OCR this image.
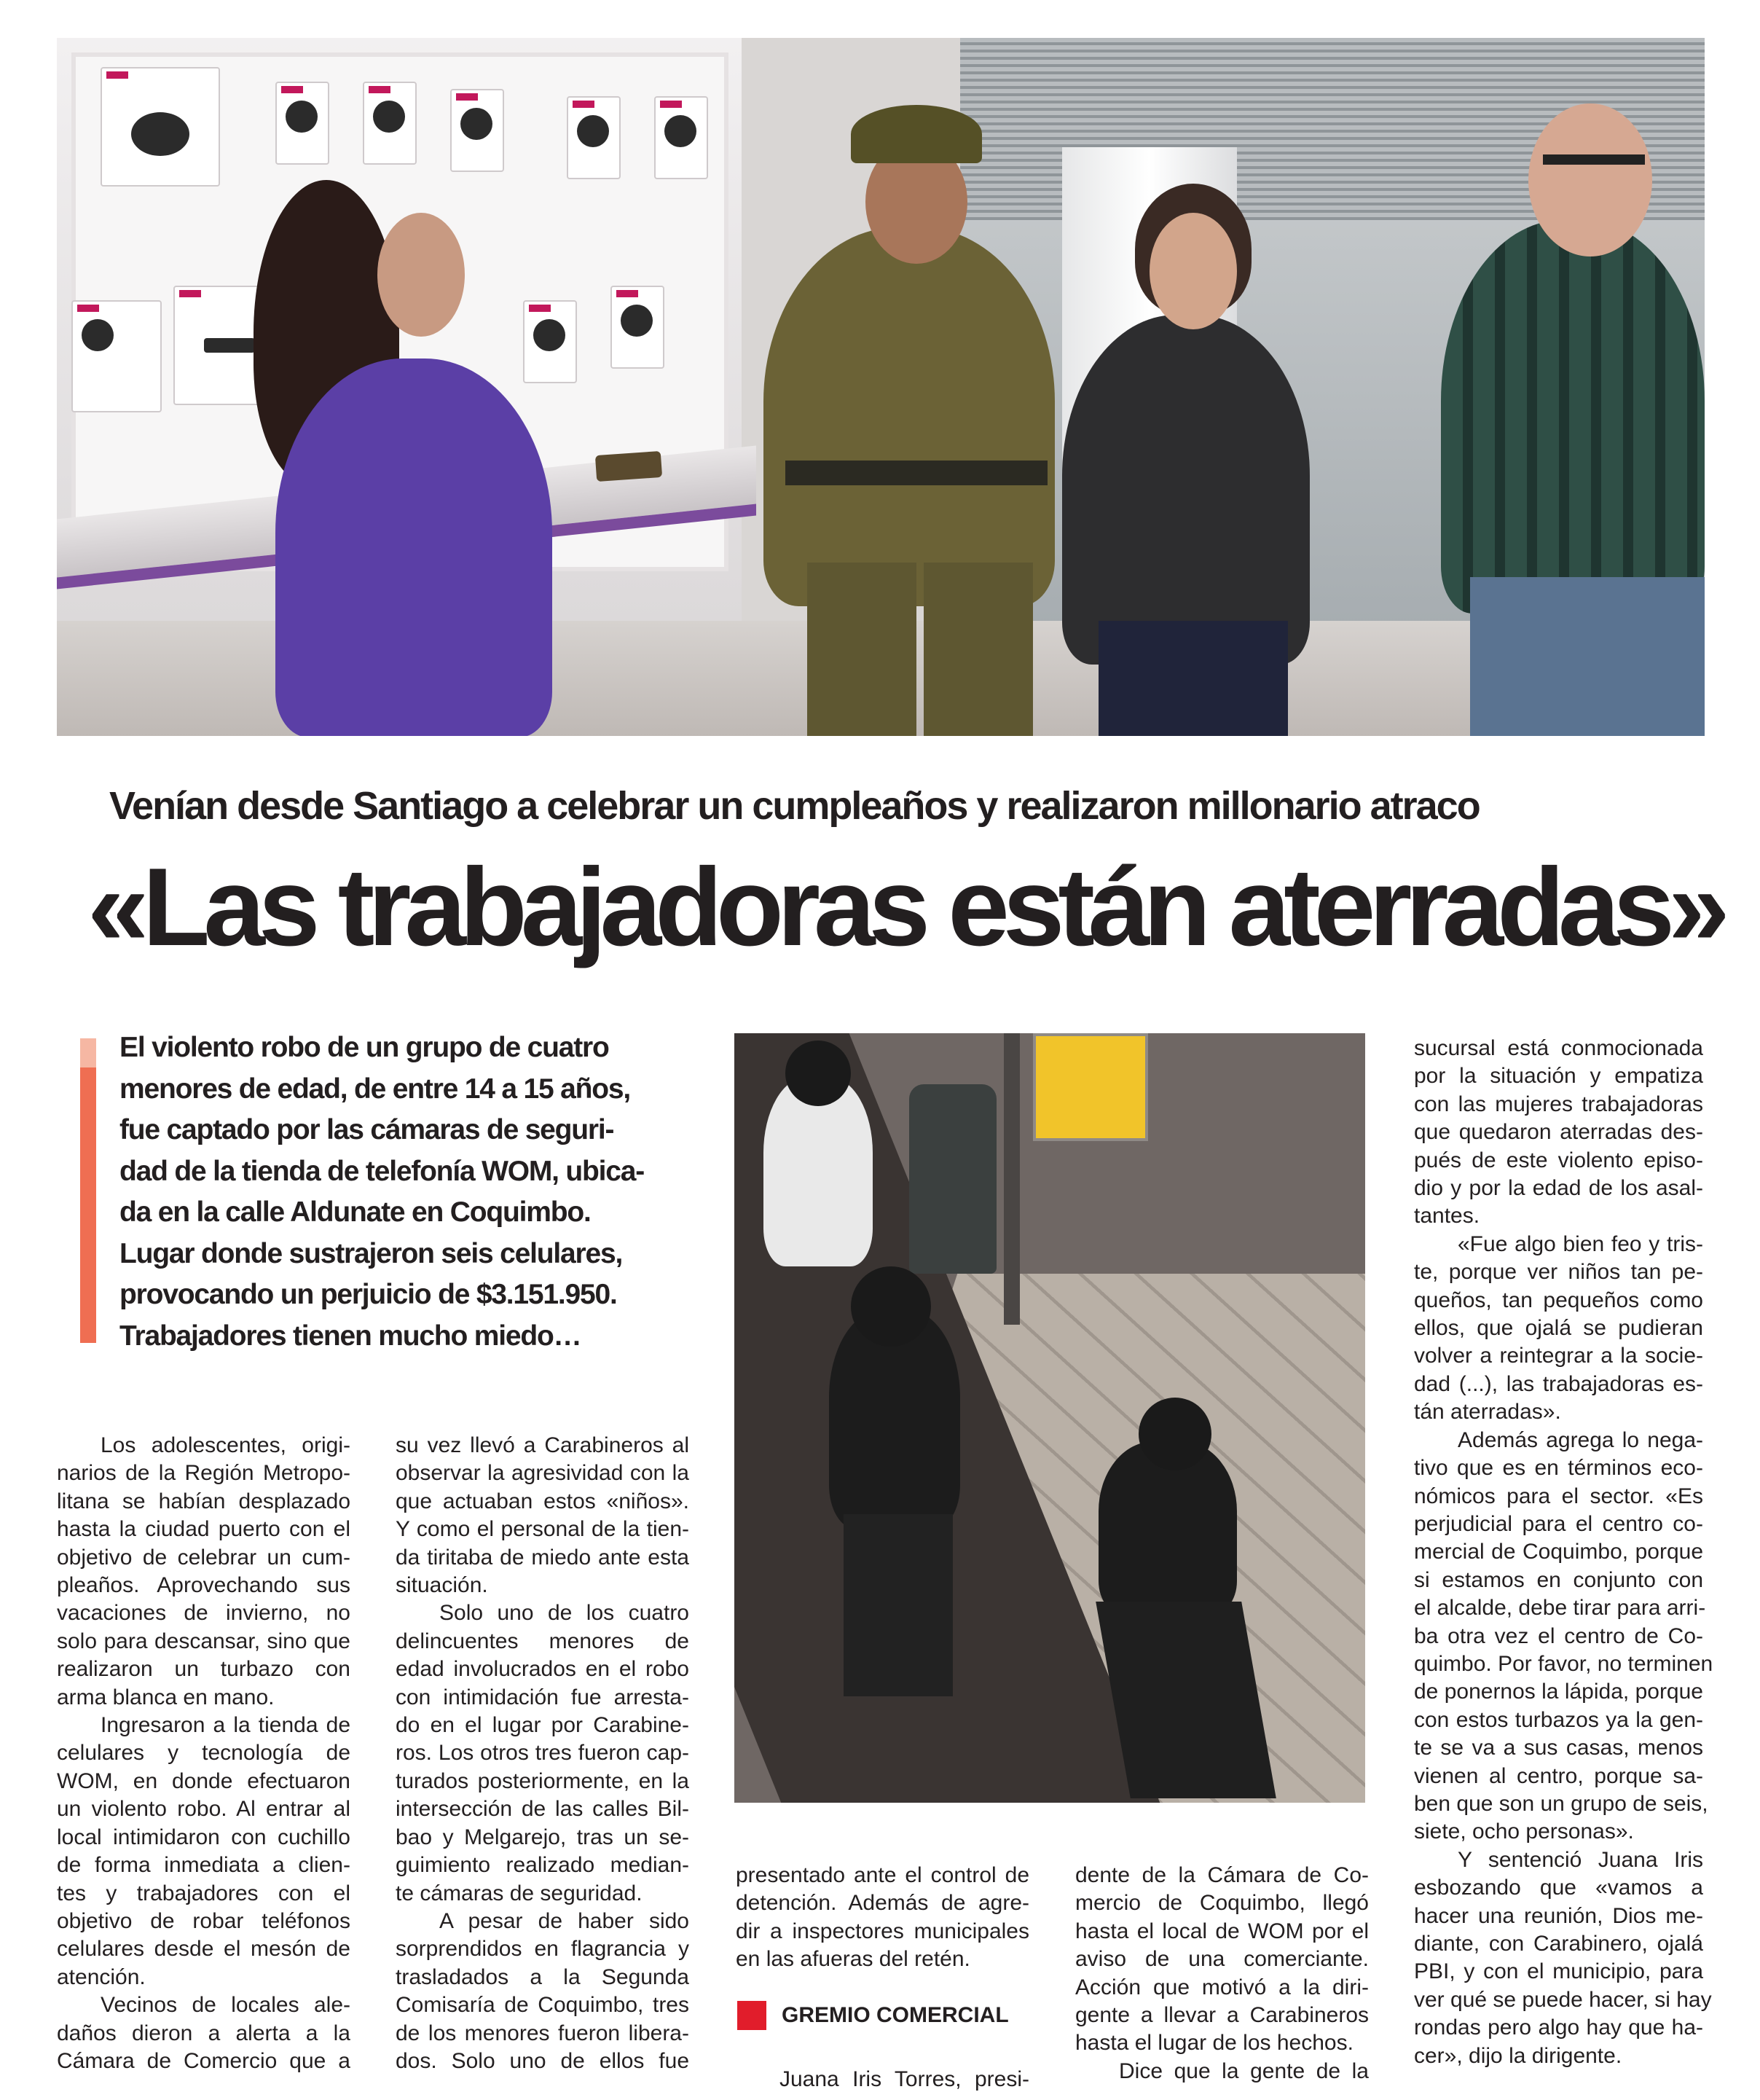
Venían desde Santiago a celebrar un cumpleaños y realizaron millonario atraco
«Las trabajadoras están aterradas»

El violento robo de un grupo de cuatro
menores de edad, de entre 14 a 15 años,
fue captado por las cámaras de seguri-
dad de la tienda de telefonía WOM, ubica-
da en la calle Aldunate en Coquimbo.
Lugar donde sustrajeron seis celulares,
provocando un perjuicio de $3.151.950.
Trabajadores tienen mucho miedo…

Los adolescentes, origi-
narios de la Región Metropo-
litana se habían desplazado
hasta la ciudad puerto con el
objetivo de celebrar un cum-
pleaños. Aprovechando sus
vacaciones de invierno, no
solo para descansar, sino que
realizaron un turbazo con
arma blanca en mano.
Ingresaron a la tienda de
celulares y tecnología de
WOM, en donde efectuaron
un violento robo. Al entrar al
local intimidaron con cuchillo
de forma inmediata a clien-
tes y trabajadores con el
objetivo de robar teléfonos
celulares desde el mesón de
atención.
Vecinos de locales ale-
daños dieron a alerta a la
Cámara de Comercio que a

su vez llevó a Carabineros al
observar la agresividad con la
que actuaban estos «niños».
Y como el personal de la tien-
da tiritaba de miedo ante esta
situación.
Solo uno de los cuatro
delincuentes menores de
edad involucrados en el robo
con intimidación fue arresta-
do en el lugar por Carabine-
ros. Los otros tres fueron cap-
turados posteriormente, en la
intersección de las calles Bil-
bao y Melgarejo, tras un se-
guimiento realizado median-
te cámaras de seguridad.
A pesar de haber sido
sorprendidos en flagrancia y
trasladados a la Segunda
Comisaría de Coquimbo, tres
de los menores fueron libera-
dos. Solo uno de ellos fue

presentado ante el control de
detención. Además de agre-
dir a inspectores municipales
en las afueras del retén.

GREMIO COMERCIAL

Juana Iris Torres, presi-

dente de la Cámara de Co-
mercio de Coquimbo, llegó
hasta el local de WOM por el
aviso de una comerciante.
Acción que motivó a la diri-
gente a llevar a Carabineros
hasta el lugar de los hechos.
Dice que la gente de la

sucursal está conmocionada
por la situación y empatiza
con las mujeres trabajadoras
que quedaron aterradas des-
pués de este violento episo-
dio y por la edad de los asal-
tantes.
«Fue algo bien feo y tris-
te, porque ver niños tan pe-
queños, tan pequeños como
ellos, que ojalá se pudieran
volver a reintegrar a la socie-
dad (...), las trabajadoras es-
tán aterradas».
Además agrega lo nega-
tivo que es en términos eco-
nómicos para el sector. «Es
perjudicial para el centro co-
mercial de Coquimbo, porque
si estamos en conjunto con
el alcalde, debe tirar para arri-
ba otra vez el centro de Co-
quimbo. Por favor, no terminen
de ponernos la lápida, porque
con estos turbazos ya la gen-
te se va a sus casas, menos
vienen al centro, porque sa-
ben que son un grupo de seis,
siete, ocho personas».
Y sentenció Juana Iris
esbozando que «vamos a
hacer una reunión, Dios me-
diante, con Carabinero, ojalá
PBI, y con el municipio, para
ver qué se puede hacer, si hay
rondas pero algo hay que ha-
cer», dijo la dirigente.
